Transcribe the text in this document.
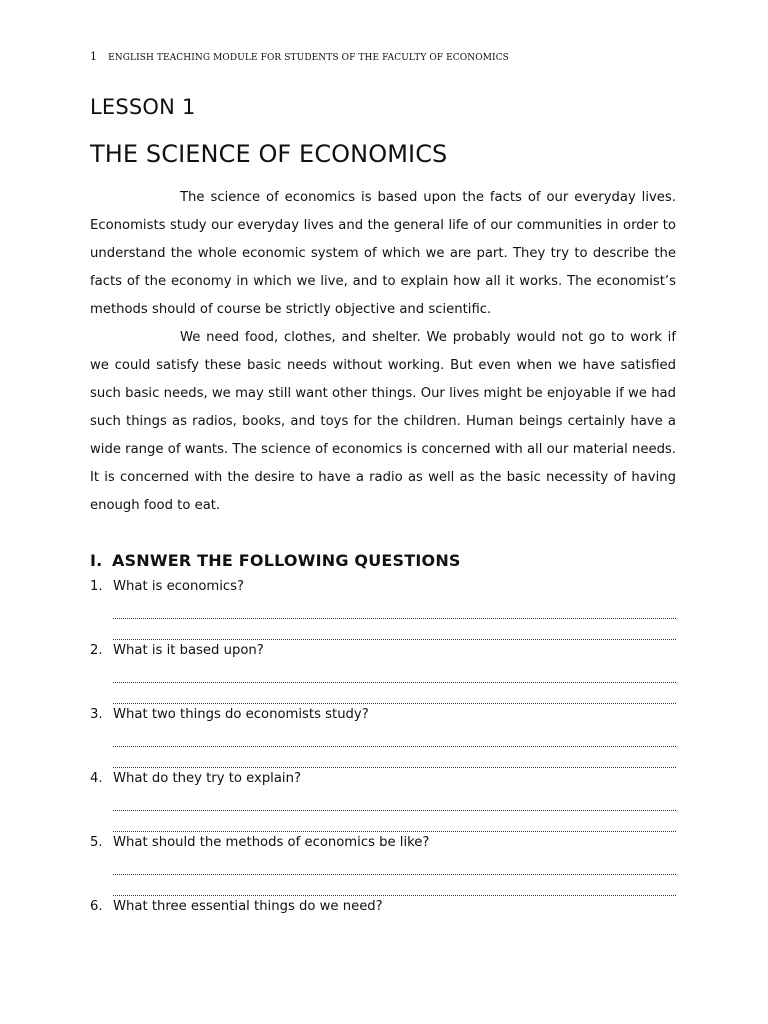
1 ENGLISH TEACHING MODULE FOR STUDENTS OF THE FACULTY OF ECONOMICS
LESSON 1
THE SCIENCE OF ECONOMICS

The science of economics is based upon the facts of our everyday lives. Economists study our everyday lives and the general life of our communities in order to understand the whole economic system of which we are part. They try to describe the facts of the economy in which we live, and to explain how all it works. The economist’s methods should of course be strictly objective and scientific.

We need food, clothes, and shelter. We probably would not go to work if we could satisfy these basic needs without working. But even when we have satisfied such basic needs, we may still want other things. Our lives might be enjoyable if we had such things as radios, books, and toys for the children. Human beings certainly have a wide range of wants. The science of economics is concerned with all our material needs. It is concerned with the desire to have a radio as well as the basic necessity of having enough food to eat.

I. ASNWER THE FOLLOWING QUESTIONS
1. What is economics?
2. What is it based upon?
3. What two things do economists study?
4. What do they try to explain?
5. What should the methods of economics be like?
6. What three essential things do we need?
